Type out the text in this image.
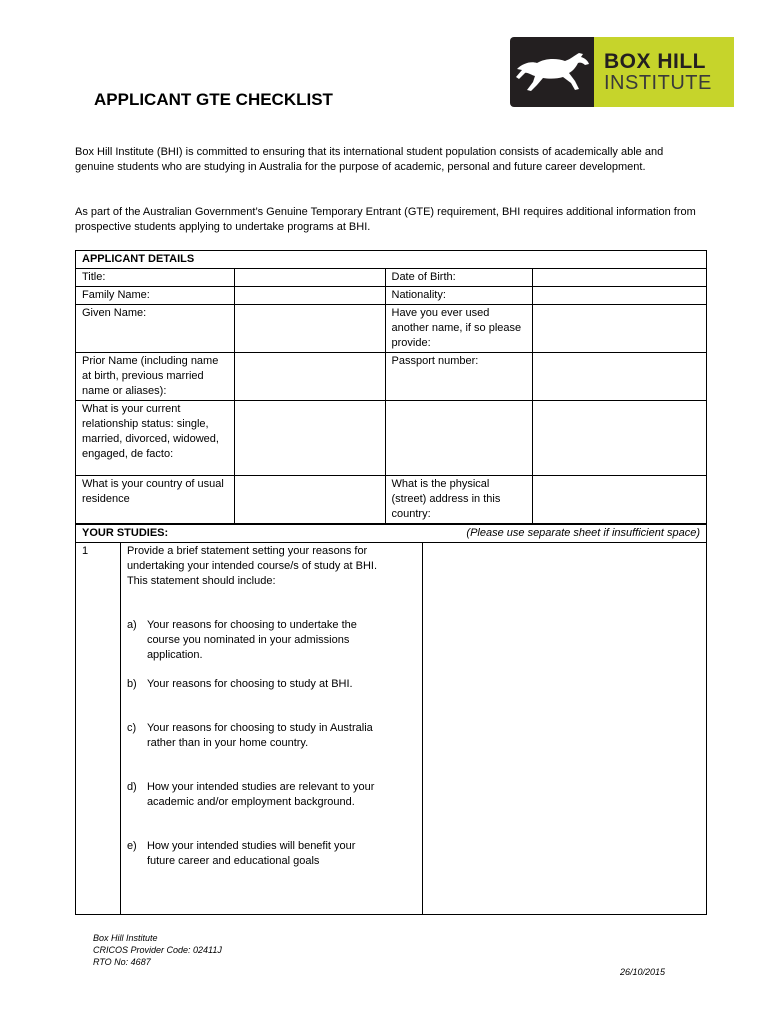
BOX HILL
INSTITUTE
APPLICANT GTE CHECKLIST

Box Hill Institute (BHI) is committed to ensuring that its international student population consists of academically able and genuine students who are studying in Australia for the purpose of academic, personal and future career development.

As part of the Australian Government’s Genuine Temporary Entrant (GTE) requirement, BHI requires additional information from prospective students applying to undertake programs at BHI.

APPLICANT DETAILS			
Title:		Date of Birth:	
Family Name:		Nationality:	
Given Name:		Have you ever used another name, if so please provide:	
Prior Name (including name at birth, previous married name or aliases):		Passport number:	
What is your current relationship status: single, married, divorced, widowed, engaged, de facto:			
What is your country of usual residence		What is the physical (street) address in this country:	
YOUR STUDIES:	(Please use separate sheet if insufficient space)

1	Provide a brief statement setting your reasons for undertaking your intended course/s of study at BHI. This statement should include:

a) Your reasons for choosing to undertake the course you nominated in your admissions application.

b) Your reasons for choosing to study at BHI.

c) Your reasons for choosing to study in Australia rather than in your home country.

d) How your intended studies are relevant to your academic and/or employment background.

e) How your intended studies will benefit your future career and educational goals

Box Hill Institute
CRICOS Provider Code: 02411J
RTO No: 4687
26/10/2015
